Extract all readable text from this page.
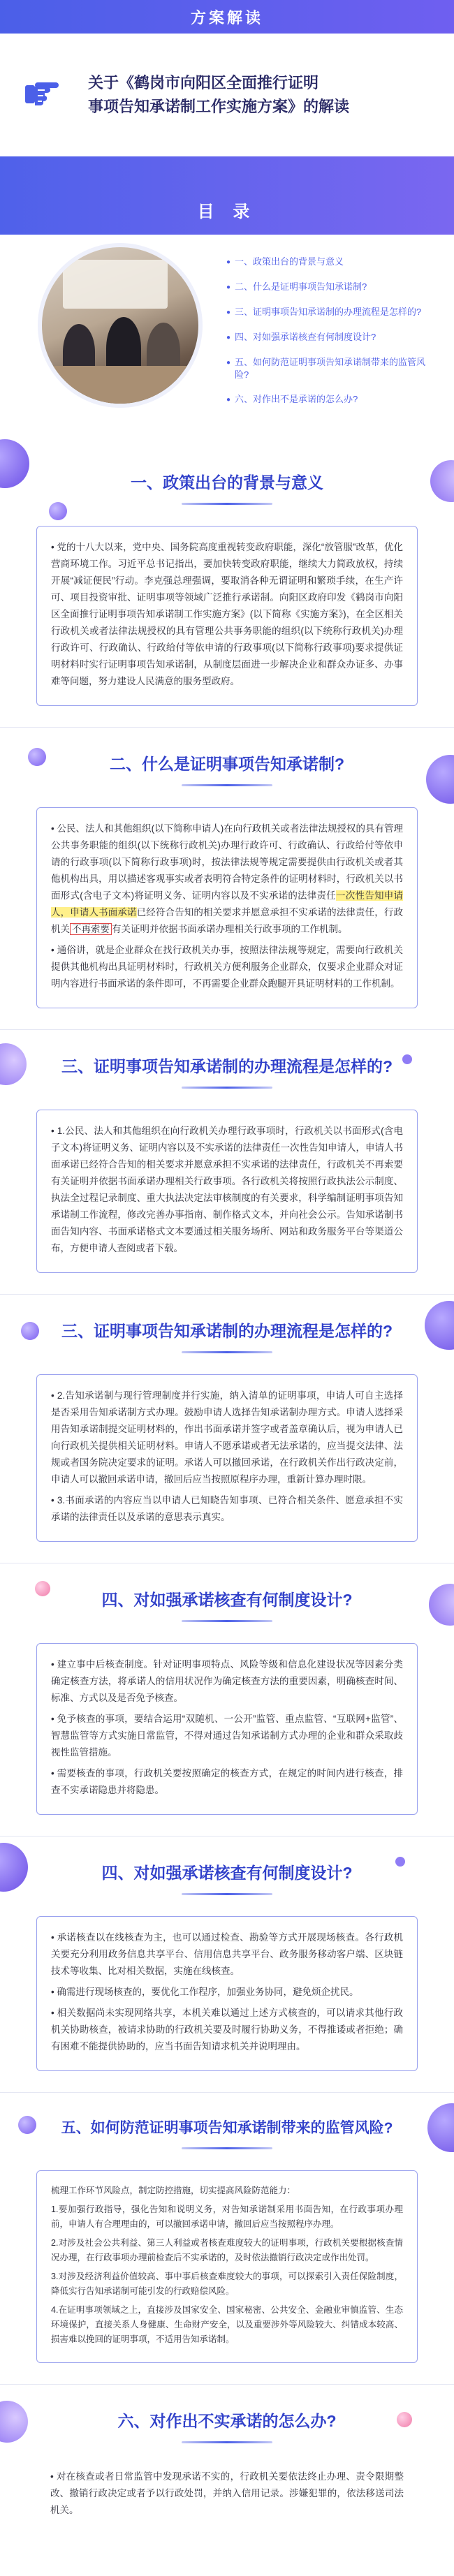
方案解读
关于《鹤岗市向阳区全面推行证明
事项告知承诺制工作实施方案》的解读
目 录
● 一、政策出台的背景与意义
● 二、什么是证明事项告知承诺制?
● 三、证明事项告知承诺制的办理流程是怎样的?
● 四、对如强承诺核查有何制度设计?
● 五、如何防范证明事项告知承诺制带来的监管风险?
● 六、对作出不是承诺的怎么办?
一、政策出台的背景与意义

• 党的十八大以来，党中央、国务院高度重视转变政府职能，深化“放管服”改革，优化营商环境工作。习近平总书记指出，要加快转变政府职能，继续大力简政放权，持续开展“减证便民”行动。李克强总理强调，要取消各种无谓证明和繁琐手续，在生产许可、项目投资审批、证明事项等领域广泛推行承诺制。向阳区政府印发《鹤岗市向阳区全面推行证明事项告知承诺制工作实施方案》(以下简称《实施方案》)，在全区相关行政机关或者法律法规授权的具有管理公共事务职能的组织(以下统称行政机关)办理行政许可、行政确认、行政给付等依申请的行政事项(以下简称行政事项)要求提供证明材料时实行证明事项告知承诺制，从制度层面进一步解决企业和群众办证多、办事难等问题，努力建设人民满意的服务型政府。

二、什么是证明事项告知承诺制?

• 公民、法人和其他组织(以下简称申请人)在向行政机关或者法律法规授权的具有管理公共事务职能的组织(以下统称行政机关)办理行政许可、行政确认、行政给付等依申请的行政事项(以下简称行政事项)时，按法律法规等规定需要提供由行政机关或者其他机构出具，用以描述客观事实或者表明符合特定条件的证明材料时，行政机关以书面形式(含电子文本)将证明义务、证明内容以及不实承诺的法律责任一次性告知申请人，申请人书面承诺已经符合告知的相关要求并愿意承担不实承诺的法律责任，行政机关 不再索要 有关证明并依据书面承诺办理相关行政事项的工作机制。

• 通俗讲，就是企业群众在找行政机关办事，按照法律法规等规定，需要向行政机关提供其他机构出具证明材料时，行政机关方便利服务企业群众，仅要求企业群众对证明内容进行书面承诺的条件即可，不再需要企业群众跑腿开具证明材料的工作机制。

三、证明事项告知承诺制的办理流程是怎样的?

• 1.公民、法人和其他组织在向行政机关办理行政事项时，行政机关以书面形式(含电子文本)将证明义务、证明内容以及不实承诺的法律责任一次性告知申请人，申请人书面承诺已经符合告知的相关要求并愿意承担不实承诺的法律责任，行政机关不再索要有关证明并依据书面承诺办理相关行政事项。各行政机关将按照行政执法公示制度、执法全过程记录制度、重大执法决定法审核制度的有关要求，科学编制证明事项告知承诺制工作流程，修改完善办事指南、制作格式文本，并向社会公示。告知承诺制书面告知内容、书面承诺格式文本要通过相关服务场所、网站和政务服务平台等渠道公布，方便申请人查阅或者下载。

三、证明事项告知承诺制的办理流程是怎样的?

• 2.告知承诺制与现行管理制度并行实施，纳入清单的证明事项，申请人可自主选择是否采用告知承诺制方式办理。鼓励申请人选择告知承诺制办理方式。申请人选择采用告知承诺制提交证明材料的，作出书面承诺并签字或者盖章确认后，视为申请人已向行政机关提供相关证明材料。申请人不愿承诺或者无法承诺的，应当提交法律、法规或者国务院决定要求的证明。承诺人可以撤回承诺，在行政机关作出行政决定前，申请人可以撤回承诺申请，撤回后应当按照原程序办理，重新计算办理时限。

• 3.书面承诺的内容应当以申请人已知晓告知事项、已符合相关条件、愿意承担不实承诺的法律责任以及承诺的意思表示真实。

四、对如强承诺核查有何制度设计?

• 建立事中后核查制度。针对证明事项特点、风险等级和信息化建设状况等因素分类确定核查方法，将承诺人的信用状况作为确定核查方法的重要因素，明确核查时间、标准、方式以及是否免予核查。

• 免予核查的事项，要结合运用“双随机、一公开”监管、重点监管、“互联网+监管”、智慧监管等方式实施日常监管，不得对通过告知承诺制方式办理的企业和群众采取歧视性监管措施。

• 需要核查的事项，行政机关要按照确定的核查方式，在规定的时间内进行核查，排查不实承诺隐患并将隐患。

四、对如强承诺核查有何制度设计?

• 承诺核查以在线核查为主，也可以通过检查、勘验等方式开展现场核查。各行政机关要充分利用政务信息共享平台、信用信息共享平台、政务服务移动客户端、区块链技术等收集、比对相关数据，实施在线核查。

• 确需进行现场核查的，要优化工作程序，加强业务协同，避免烦企扰民。

• 相关数据尚未实现网络共享，本机关难以通过上述方式核查的，可以请求其他行政机关协助核查，被请求协助的行政机关要及时履行协助义务，不得推诿或者拒绝；确有困难不能提供协助的，应当书面告知请求机关并说明理由。

五、如何防范证明事项告知承诺制带来的监管风险?

梳理工作环节风险点，制定防控措施，切实提高风险防范能力：

1.要加强行政指导，强化告知和说明义务，对告知承诺制采用书面告知，在行政事项办理前，申请人有合理理由的，可以撤回承诺申请，撤回后应当按照程序办理。

2.对涉及社会公共利益、第三人利益或者核查难度较大的证明事项，行政机关要根据核查情况办理，在行政事项办理前检查后不实承诺的，及时依法撤销行政决定或作出处罚。

3.对涉及经济利益价值较高、事中事后核查难度较大的事项，可以探索引入责任保险制度，降低实行告知承诺制可能引发的行政赔偿风险。

4.在证明事项领域之上，直接涉及国家安全、国家秘密、公共安全、金融业审慎监管、生态环境保护，直接关系人身健康、生命财产安全，以及重要涉外等风险较大、纠错成本较高、损害难以挽回的证明事项，不适用告知承诺制。

六、对作出不实承诺的怎么办?

• 对在核查或者日常监管中发现承诺不实的，行政机关要依法终止办理、责令限期整改、撤销行政决定或者予以行政处罚，并纳入信用记录。涉嫌犯罪的，依法移送司法机关。
